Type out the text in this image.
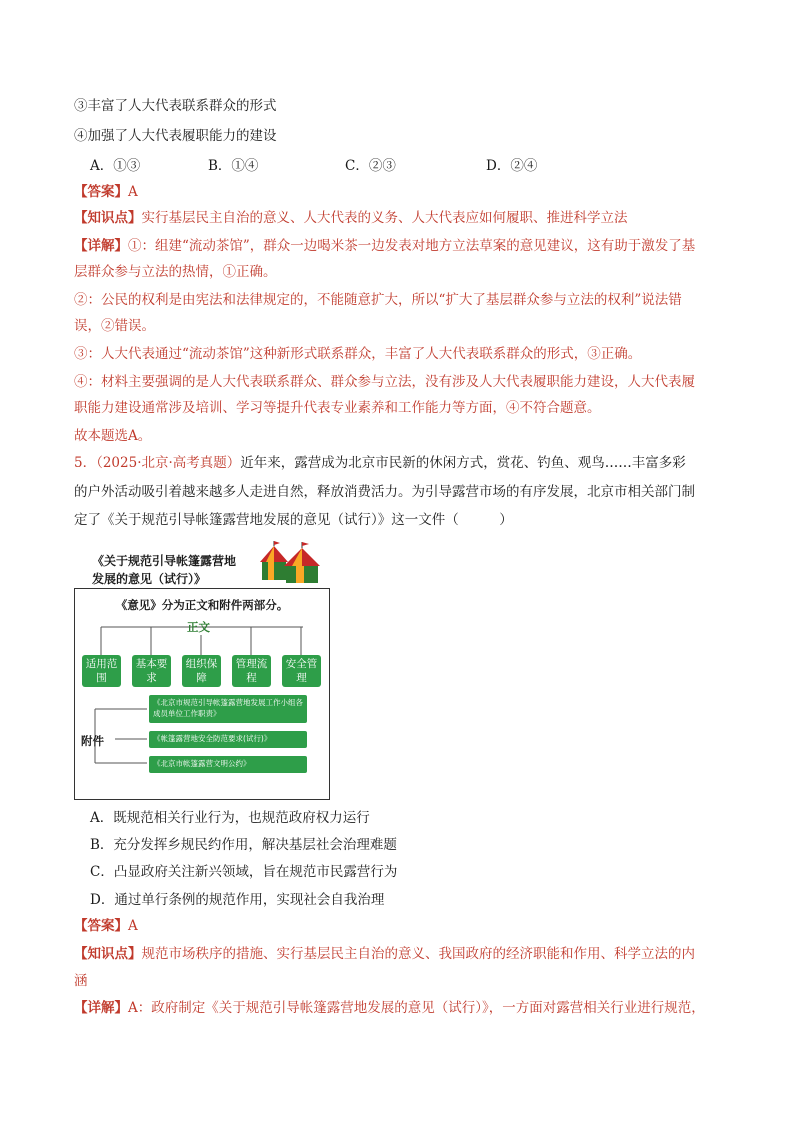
③丰富了人大代表联系群众的形式
④加强了人大代表履职能力的建设
A．①③	B．①④	C．②③	D．②④
【答案】A
【知识点】实行基层民主自治的意义、人大代表的义务、人大代表应如何履职、推进科学立法
【详解】①：组建“流动茶馆”，群众一边喝米茶一边发表对地方立法草案的意见建议，这有助于激发了基
层群众参与立法的热情，①正确。
②：公民的权利是由宪法和法律规定的，不能随意扩大，所以“扩大了基层群众参与立法的权利”说法错
误，②错误。
③：人大代表通过“流动茶馆”这种新形式联系群众，丰富了人大代表联系群众的形式，③正确。
④：材料主要强调的是人大代表联系群众、群众参与立法，没有涉及人大代表履职能力建设，人大代表履
职能力建设通常涉及培训、学习等提升代表专业素养和工作能力等方面，④不符合题意。
故本题选A。
5．（2025·北京·高考真题）近年来，露营成为北京市民新的休闲方式，赏花、钓鱼、观鸟……丰富多彩
的户外活动吸引着越来越多人走进自然，释放消费活力。为引导露营市场的有序发展，北京市相关部门制
定了《关于规范引导帐篷露营地发展的意见（试行）》这一文件（　　　）
《关于规范引导帐篷露营地
发展的意见（试行）》
《意见》分为正文和附件两部分。
正文
适用范围
基本要求
组织保障
管理流程
安全管理
附件
《北京市规范引导帐篷露营地发展工作小组各成员单位工作职责》
《帐篷露营地安全防范要求(试行)》
《北京市帐篷露营文明公约》
A．既规范相关行业行为，也规范政府权力运行
B．充分发挥乡规民约作用，解决基层社会治理难题
C．凸显政府关注新兴领域，旨在规范市民露营行为
D．通过单行条例的规范作用，实现社会自我治理
【答案】A
【知识点】规范市场秩序的措施、实行基层民主自治的意义、我国政府的经济职能和作用、科学立法的内
涵
【详解】A：政府制定《关于规范引导帐篷露营地发展的意见（试行）》，一方面对露营相关行业进行规范，
